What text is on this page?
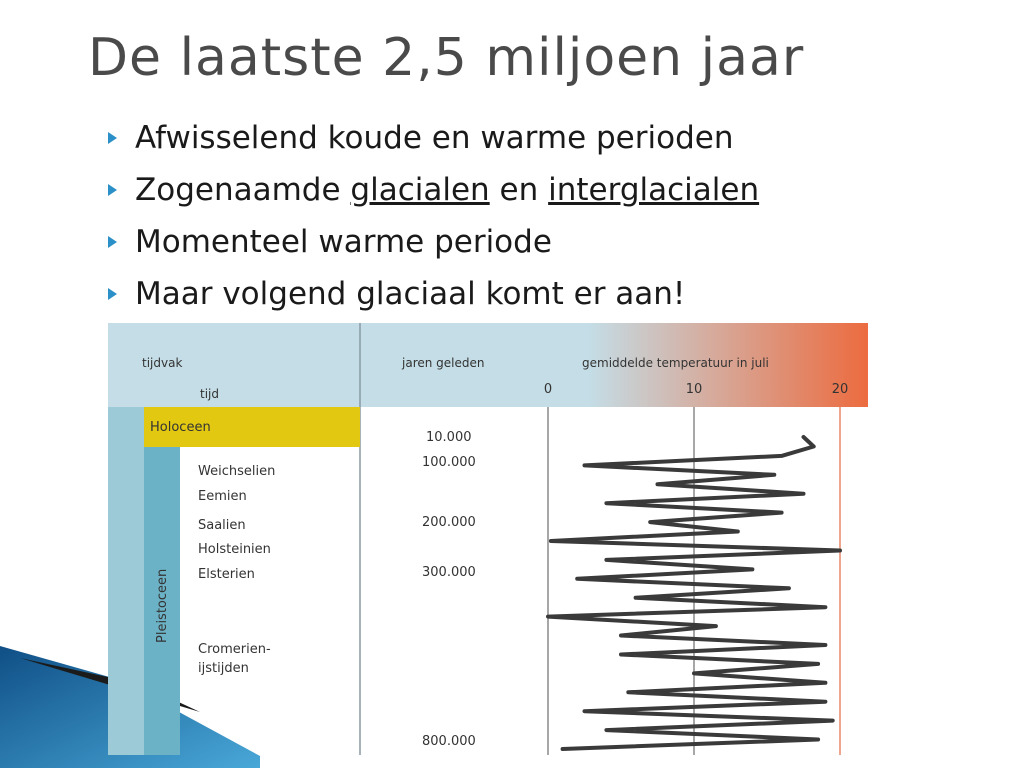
De laatste 2,5 miljoen jaar
Afwisselend koude en warme perioden
Zogenaamde glacialen en interglacialen
Momenteel warme periode
Maar volgend glaciaal komt er aan!
tijdvak
tijd
jaren geleden	gemiddelde temperatuur in juli
Holoceen
Pleistoceen
Weichselien
Eemien
Saalien
Holsteinien
Elsterien
Cromerien-
ijstijden
10.000
100.000
200.000
300.000
800.000
0	10	20
